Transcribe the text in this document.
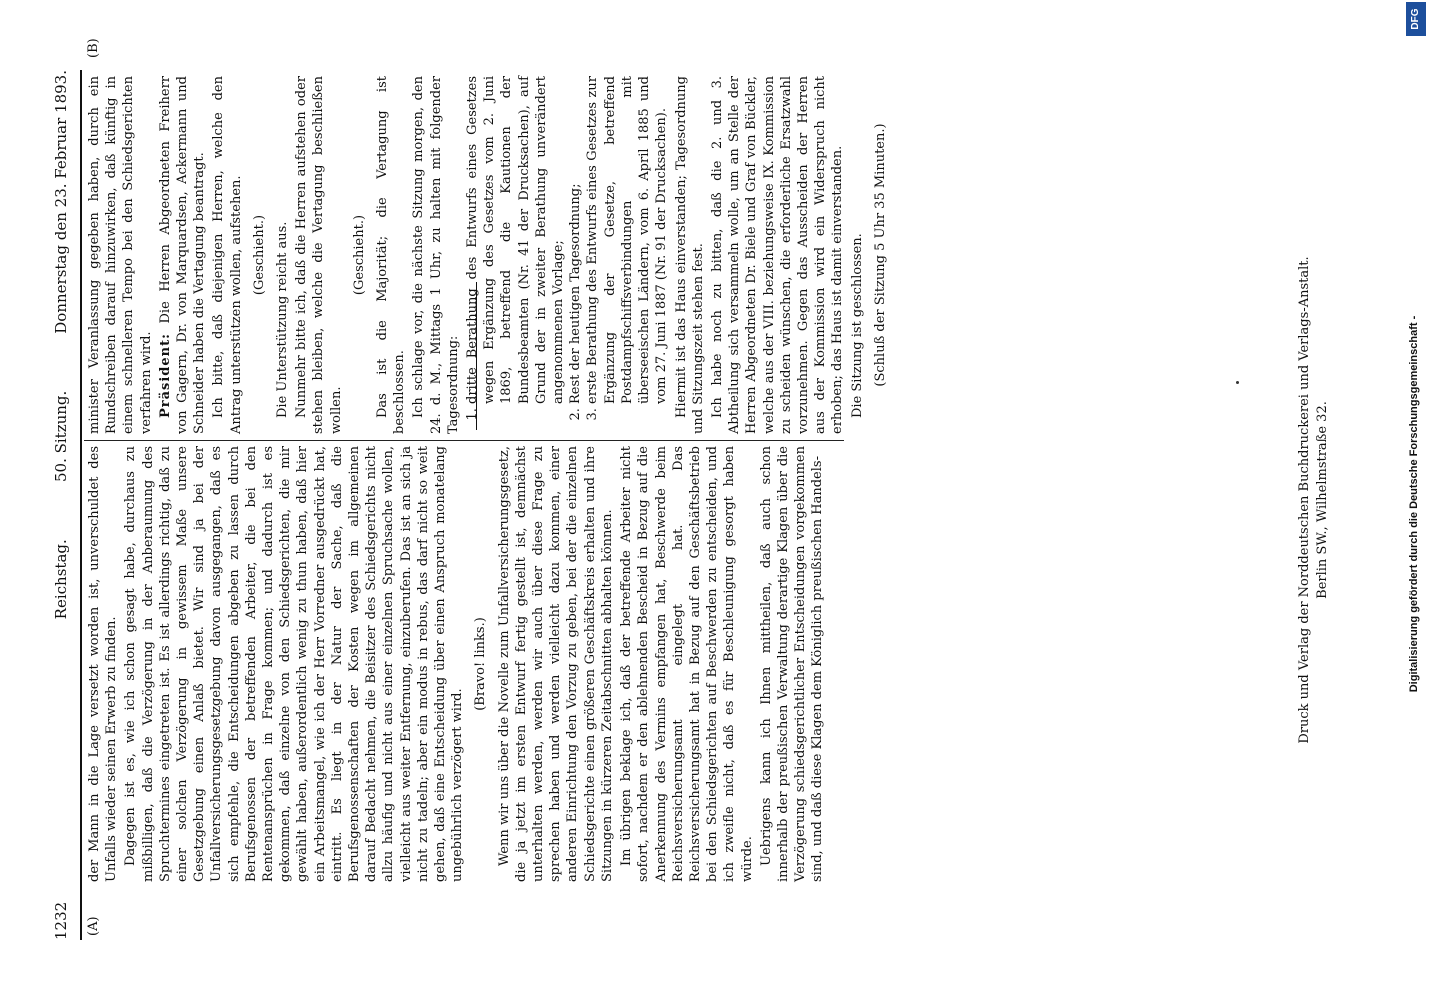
1232
Reichstag.            50. Sitzung.
Donnerstag den 23. Februar 1893.
(A)
(B)

der Mann in die Lage versetzt worden ist, unverschuldet des Unfalls wieder seinen Erwerb zu finden. Dagegen ist es, wie ich schon gesagt habe, durchaus zu mißbilligen, daß die Verzögerung in der Anberaumung des Spruchtermines eingetreten ist. Es ist allerdings richtig, daß zu einer solchen Verzögerung in gewissem Maße unsere Gesetzgebung einen Anlaß bietet. Wir sind ja bei der Unfallversicherungsgesetzgebung davon ausgegangen, daß es sich empfehle, die Entscheidungen abgeben zu lassen durch Berufsgenossen der betreffenden Arbeiter, die bei den Rentenansprüchen in Frage kommen; und dadurch ist es gekommen, daß einzelne von den Schiedsgerichten, die mir gewählt haben, außerordentlich wenig zu thun haben, daß hier ein Arbeitsmangel, wie ich der Herr Vorredner ausgedrückt hat, eintritt. Es liegt in der Natur der Sache, daß die Berufsgenossenschaften der Kosten wegen im allgemeinen darauf Bedacht nehmen, die Beisitzer des Schiedsgerichts nicht allzu häufig und nicht aus einer einzelnen Spruchsache wollen, vielleicht aus weiter Entfernung, einzuberufen. Das ist an sich ja nicht zu tadeln; aber ein modus in rebus, das darf nicht so weit gehen, daß eine Entscheidung über einen Anspruch monatelang ungebührlich verzögert wird.

(Bravo! links.) Wenn wir uns über die Novelle zum Unfallversicherungsgesetz, die ja jetzt im ersten Entwurf fertig gestellt ist, demnächst unterhalten werden, werden wir auch über diese Frage zu sprechen haben und werden vielleicht dazu kommen, einer anderen Einrichtung den Vorzug zu geben, bei der die einzelnen Schiedsgerichte einen größeren Geschäftskreis erhalten und ihre Sitzungen in kürzeren Zeitabschnitten abhalten können. Im übrigen beklage ich, daß der betreffende Arbeiter nicht sofort, nachdem er den ablehnenden Bescheid in Bezug auf die Anerkennung des Vermins empfangen hat, Beschwerde beim Reichsversicherungsamt eingelegt hat. Das Reichsversicherungsamt hat in Bezug auf den Geschäftsbetrieb bei den Schiedsgerichten auf Beschwerden zu entscheiden, und ich zweifle nicht, daß es für Beschleunigung gesorgt haben würde. Uebrigens kann ich Ihnen mittheilen, daß auch schon innerhalb der preußischen Verwaltung derartige Klagen über die Verzögerung schiedsgerichtlicher Entscheidungen vorgekommen sind, und daß diese Klagen dem Königlich preußischen Handels-

minister Veranlassung gegeben haben, durch ein Rundschreiben darauf hinzuwirken, daß künftig in einem schnelleren Tempo bei den Schiedsgerichten verfahren wird. Präsident: Die Herren Abgeordneten Freiherr von Gagern, Dr. von Marquardsen, Ackermann und Schneider haben die Vertagung beantragt. Ich bitte, daß diejenigen Herren, welche den Antrag unterstützen wollen, aufstehen. (Geschieht.) Die Unterstützung reicht aus. Nunmehr bitte ich, daß die Herren aufstehen oder stehen bleiben, welche die Vertagung beschließen wollen.

(Geschieht.) Das ist die Majorität; die Vertagung ist beschlossen. Ich schlage vor, die nächste Sitzung morgen, den 24. d. M., Mittags 1 Uhr, zu halten mit folgender Tagesordnung: 1. dritte Berathung des Entwurfs eines Gesetzes wegen Ergänzung des Gesetzes vom 2. Juni 1869, betreffend die Kautionen der Bundesbeamten (Nr. 41 der Drucksachen), auf Grund der in zweiter Berathung unverändert angenommenen Vorlage; 2. Rest der heutigen Tagesordnung; 3. erste Berathung des Entwurfs eines Gesetzes zur Ergänzung der Gesetze, betreffend Postdampfschiffsverbindungen mit überseeischen Ländern, vom 6. April 1885 und vom 27. Juni 1887 (Nr. 91 der Drucksachen). Hiermit ist das Haus einverstanden; Tagesordnung und Sitzungszeit stehen fest. Ich habe noch zu bitten, daß die 2. und 3. Abtheilung sich versammeln wolle, um an Stelle der Herren Abgeordneten Dr. Biele und Graf von Bückler, welche aus der VIII. beziehungsweise IX. Kommission zu scheiden wünschen, die erforderliche Ersatzwahl vorzunehmen. Gegen das Ausscheiden der Herren aus der Kommission wird ein Widerspruch nicht erhoben; das Haus ist damit einverstanden. Die Sitzung ist geschlossen. (Schluß der Sitzung 5 Uhr 35 Minuten.)

Druck und Verlag der Norddeutschen Buchdruckerei und Verlags-Anstalt. Berlin SW., Wilhelmstraße 32.	Digitalisierung gefördert durch die Deutsche Forschungsgemeinschaft -
DFG
